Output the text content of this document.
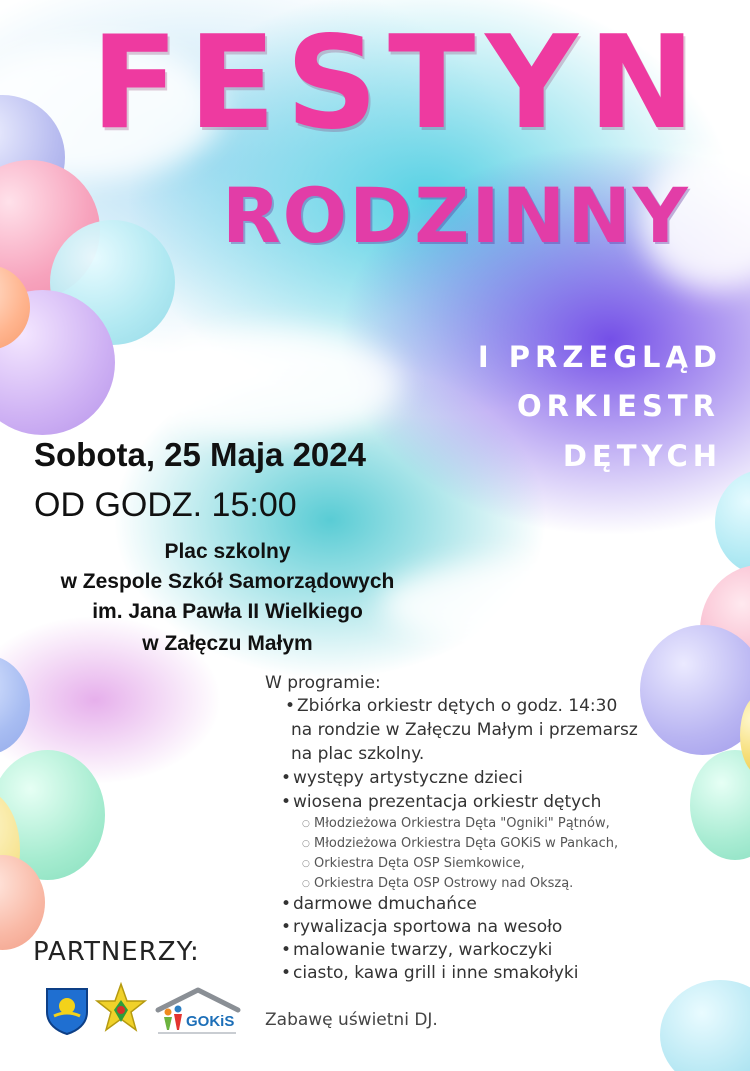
FESTYN
RODZINNY
I PRZEGLĄD
ORKIESTR
DĘTYCH
Sobota, 25 Maja 2024
OD GODZ. 15:00
Plac szkolny
w Zespole Szkół Samorządowych
im. Jana Pawła II Wielkiego
w Załęczu Małym
W programie:
• Zbiórka orkiestr dętych o godz. 14:30
na rondzie w Załęczu Małym i przemarsz
na plac szkolny.
• występy artystyczne dzieci
• wiosena prezentacja orkiestr dętych
○ Młodzieżowa Orkiestra Dęta "Ogniki" Pątnów,
○ Młodzieżowa Orkiestra Dęta GOKiS w Pankach,
○ Orkiestra Dęta OSP Siemkowice,
○ Orkiestra Dęta OSP Ostrowy nad Okszą.
• darmowe dmuchańce
• rywalizacja sportowa na wesoło
• malowanie twarzy, warkoczyki
• ciasto, kawa grill i inne smakołyki
PARTNERZY:
GOKiS Zabawę uświetni DJ.
